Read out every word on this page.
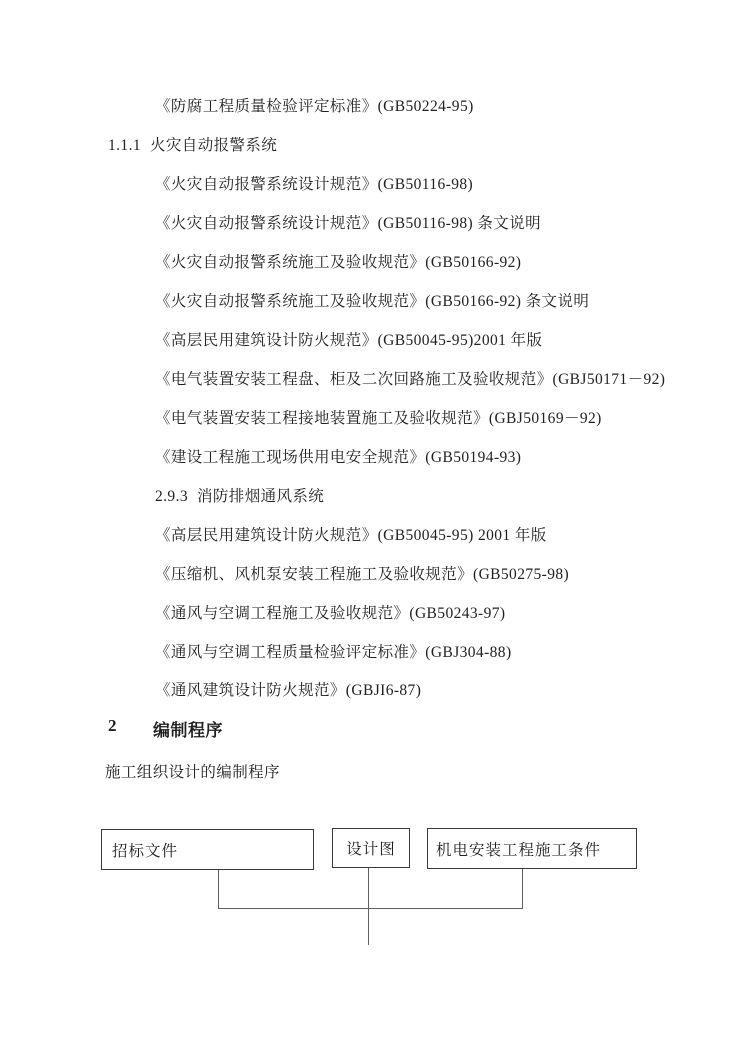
《防腐工程质量检验评定标准》(GB50224-95)
1.1.1 火灾自动报警系统
《火灾自动报警系统设计规范》(GB50116-98)
《火灾自动报警系统设计规范》(GB50116-98) 条文说明
《火灾自动报警系统施工及验收规范》(GB50166-92)
《火灾自动报警系统施工及验收规范》(GB50166-92) 条文说明
《高层民用建筑设计防火规范》(GB50045-95)2001 年版
《电气装置安装工程盘、柜及二次回路施工及验收规范》(GBJ50171－92)
《电气装置安装工程接地装置施工及验收规范》(GBJ50169－92)
《建设工程施工现场供用电安全规范》(GB50194-93)
2.9.3 消防排烟通风系统
《高层民用建筑设计防火规范》(GB50045-95) 2001 年版
《压缩机、风机泵安装工程施工及验收规范》(GB50275-98)
《通风与空调工程施工及验收规范》(GB50243-97)
《通风与空调工程质量检验评定标准》(GBJ304-88)
《通风建筑设计防火规范》(GBJI6-87)
2	编制程序
施工组织设计的编制程序
招标文件	设计图	机电安装工程施工条件
